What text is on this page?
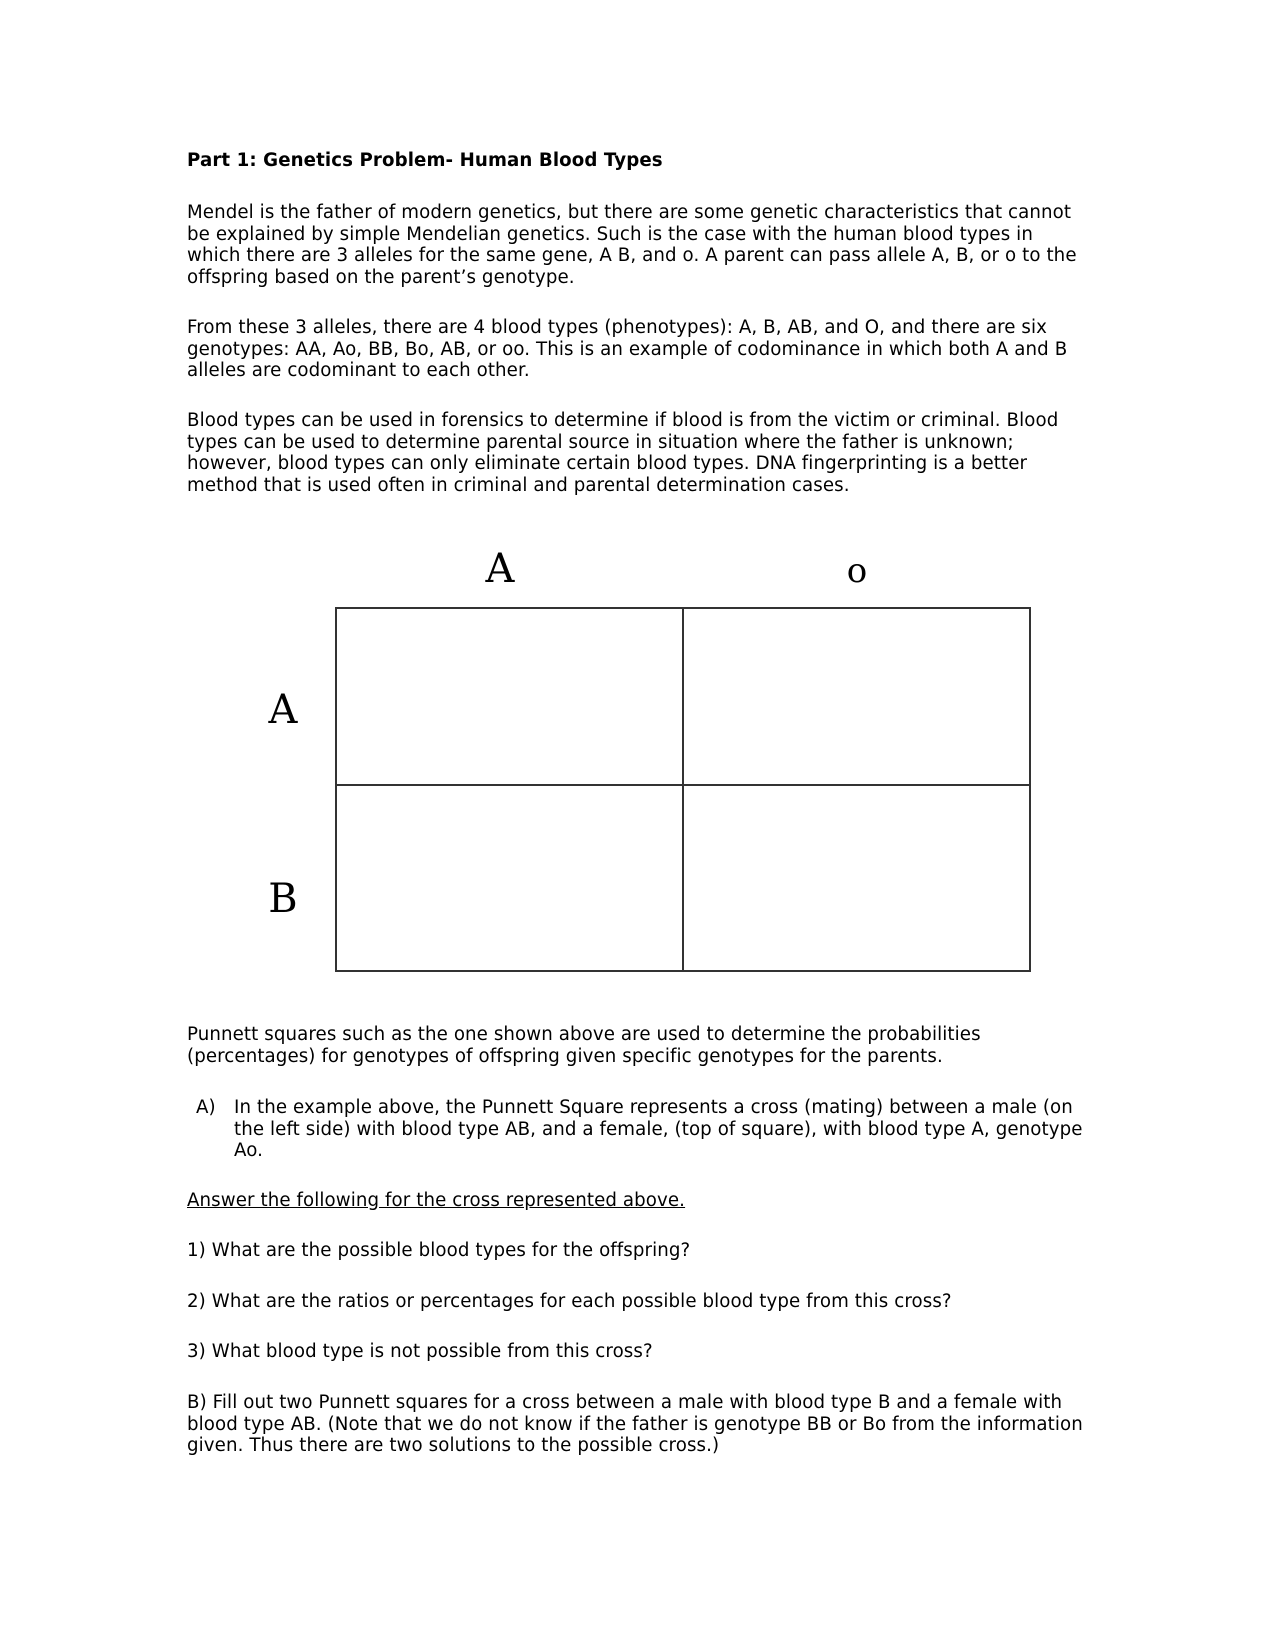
Part 1: Genetics Problem- Human Blood Types
Mendel is the father of modern genetics, but there are some genetic characteristics that cannot be explained by simple Mendelian genetics. Such is the case with the human blood types in which there are 3 alleles for the same gene, A B, and o. A parent can pass allele A, B, or o to the offspring based on the parent’s genotype.
From these 3 alleles, there are 4 blood types (phenotypes): A, B, AB, and O, and there are six genotypes: AA, Ao, BB, Bo, AB, or oo. This is an example of codominance in which both A and B alleles are codominant to each other.
Blood types can be used in forensics to determine if blood is from the victim or criminal. Blood types can be used to determine parental source in situation where the father is unknown; however, blood types can only eliminate certain blood types. DNA fingerprinting is a better method that is used often in criminal and parental determination cases.
A	o
A
B
Punnett squares such as the one shown above are used to determine the probabilities (percentages) for genotypes of offspring given specific genotypes for the parents.
A) In the example above, the Punnett Square represents a cross (mating) between a male (on the left side) with blood type AB, and a female, (top of square), with blood type A, genotype Ao.
Answer the following for the cross represented above.
1) What are the possible blood types for the offspring?
2) What are the ratios or percentages for each possible blood type from this cross?
3) What blood type is not possible from this cross?
B) Fill out two Punnett squares for a cross between a male with blood type B and a female with blood type AB. (Note that we do not know if the father is genotype BB or Bo from the information given. Thus there are two solutions to the possible cross.)
